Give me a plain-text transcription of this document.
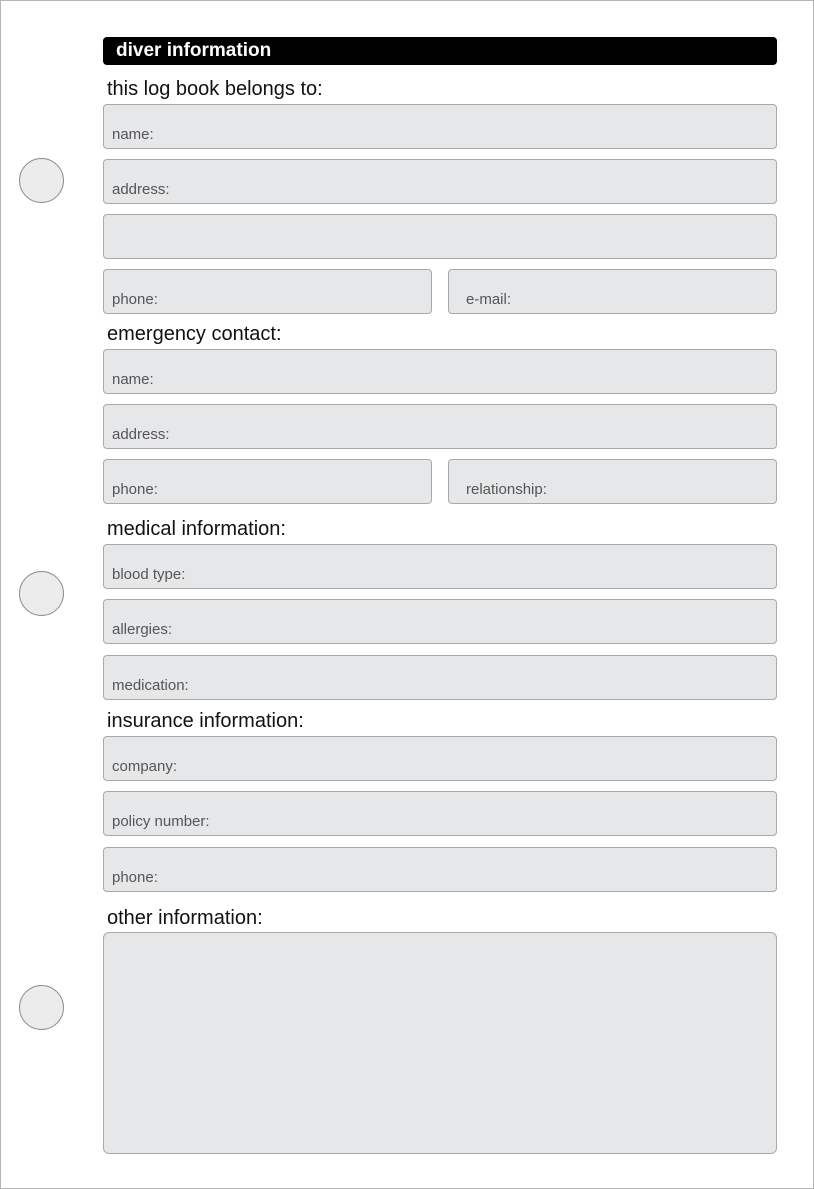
diver information
this log book belongs to:
name:
address:
phone:	e-mail:
emergency contact:
name:
address:
phone:	relationship:
medical information:
blood type:
allergies:
medication:
insurance information:
company:
policy number:
phone:
other information:
